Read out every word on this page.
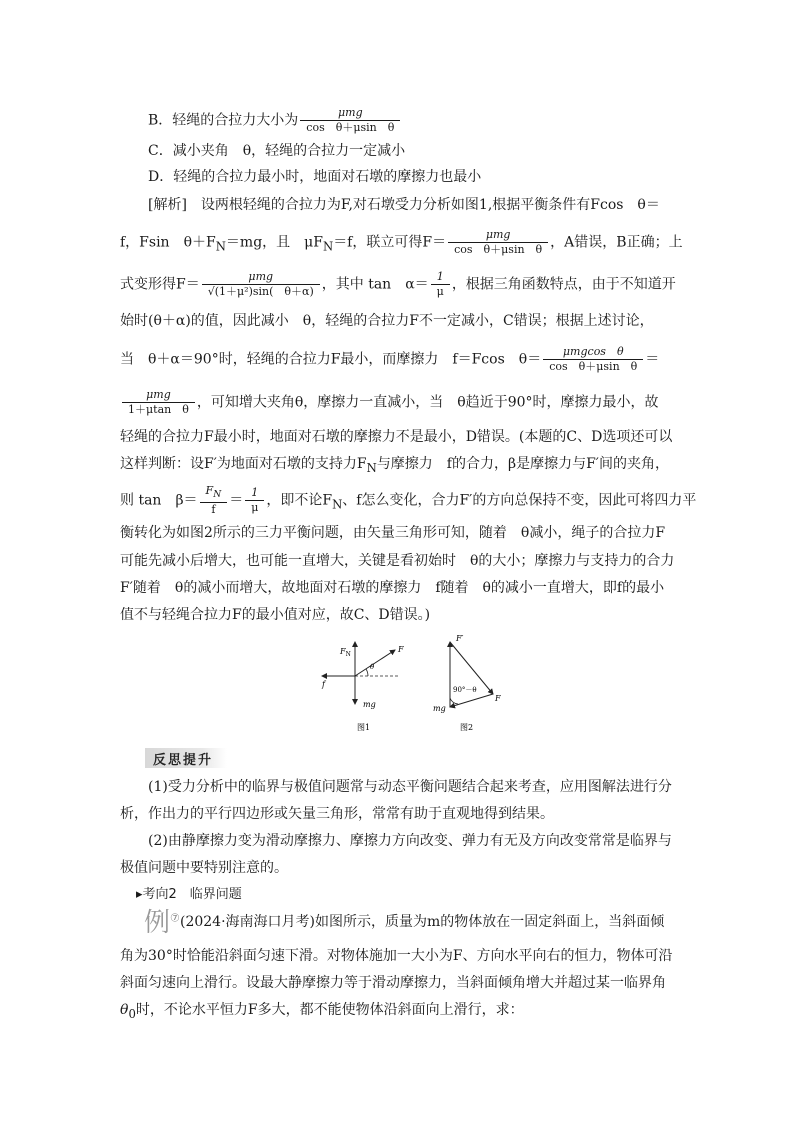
B．轻绳的合拉力大小为 $\frac{\text{μmg}}{\text{cos　θ＋μsin　θ}}$
C．减小夹角　θ，轻绳的合拉力一定减小
D．轻绳的合拉力最小时，地面对石墩的摩擦力也最小
[解析]　设两根轻绳的合拉力为F,对石墩受力分析如图1,根据平衡条件有Fcos　θ＝
f，Fsin　$\theta+F_N=mg$，且　$\mu F_N=f$，联立可得$F= \frac{\text{μmg}}{\text{cos　θ＋μsin　θ}}$ ，A错误，B正确；上
式变形得$F= \frac{\text{μmg}}{\text{√(1＋μ²)sin(　θ＋α)}}$ ，其中 tan　$\alpha= \frac{1}{\mu}$ ，根据三角函数特点，由于不知道开
始时(θ＋α)的值，因此减小　θ，轻绳的合拉力F不一定减小，C错误；根据上述讨论，
当　θ＋α＝90°时，轻绳的合拉力F最小，而摩擦力　f＝Fcos　$\theta= \frac{\text{μmgcos　θ}}{\text{cos　θ＋μsin　θ}}$ ＝
$\frac{\text{μmg}}{\text{1＋μtan　θ}}$ ，可知增大夹角θ，摩擦力一直减小，当　θ趋近于90°时，摩擦力最小，故
轻绳的合拉力F最小时，地面对石墩的摩擦力不是最小，D错误。(本题的C、D选项还可以
这样判断：设F′为地面对石墩的支持力$F_N$与摩擦力　f的合力，β是摩擦力与F′间的夹角，
则 tan　$\beta= \frac{F_N}{f} = \frac{1}{\mu}$ ，即不论$F_N$、f怎么变化，合力F′的方向总保持不变，因此可将四力平
衡转化为如图2所示的三力平衡问题，由矢量三角形可知，随着　θ减小，绳子的合拉力F
可能先减小后增大，也可能一直增大，关键是看初始时　θ的大小；摩擦力与支持力的合力
F′随着　θ的减小而增大，故地面对石墩的摩擦力　f随着　θ的减小一直增大，即f的最小
值不与轻绳合拉力F的最小值对应，故C、D错误。)
$F_N$
F
θ
f
mg
图1
F′
90°－θ
F
mg
图2
反思提升
(1)受力分析中的临界与极值问题常与动态平衡问题结合起来考查，应用图解法进行分
析，作出力的平行四边形或矢量三角形，常常有助于直观地得到结果。
(2)由静摩擦力变为滑动摩擦力、摩擦力方向改变、弹力有无及方向改变常常是临界与
极值问题中要特别注意的。
▸考向2　临界问题
例⑦ (2024·海南海口月考)如图所示，质量为m的物体放在一固定斜面上，当斜面倾
角为30°时恰能沿斜面匀速下滑。对物体施加一大小为F、方向水平向右的恒力，物体可沿
斜面匀速向上滑行。设最大静摩擦力等于滑动摩擦力，当斜面倾角增大并超过某一临界角
$\theta_0$时，不论水平恒力F多大，都不能使物体沿斜面向上滑行，求：
